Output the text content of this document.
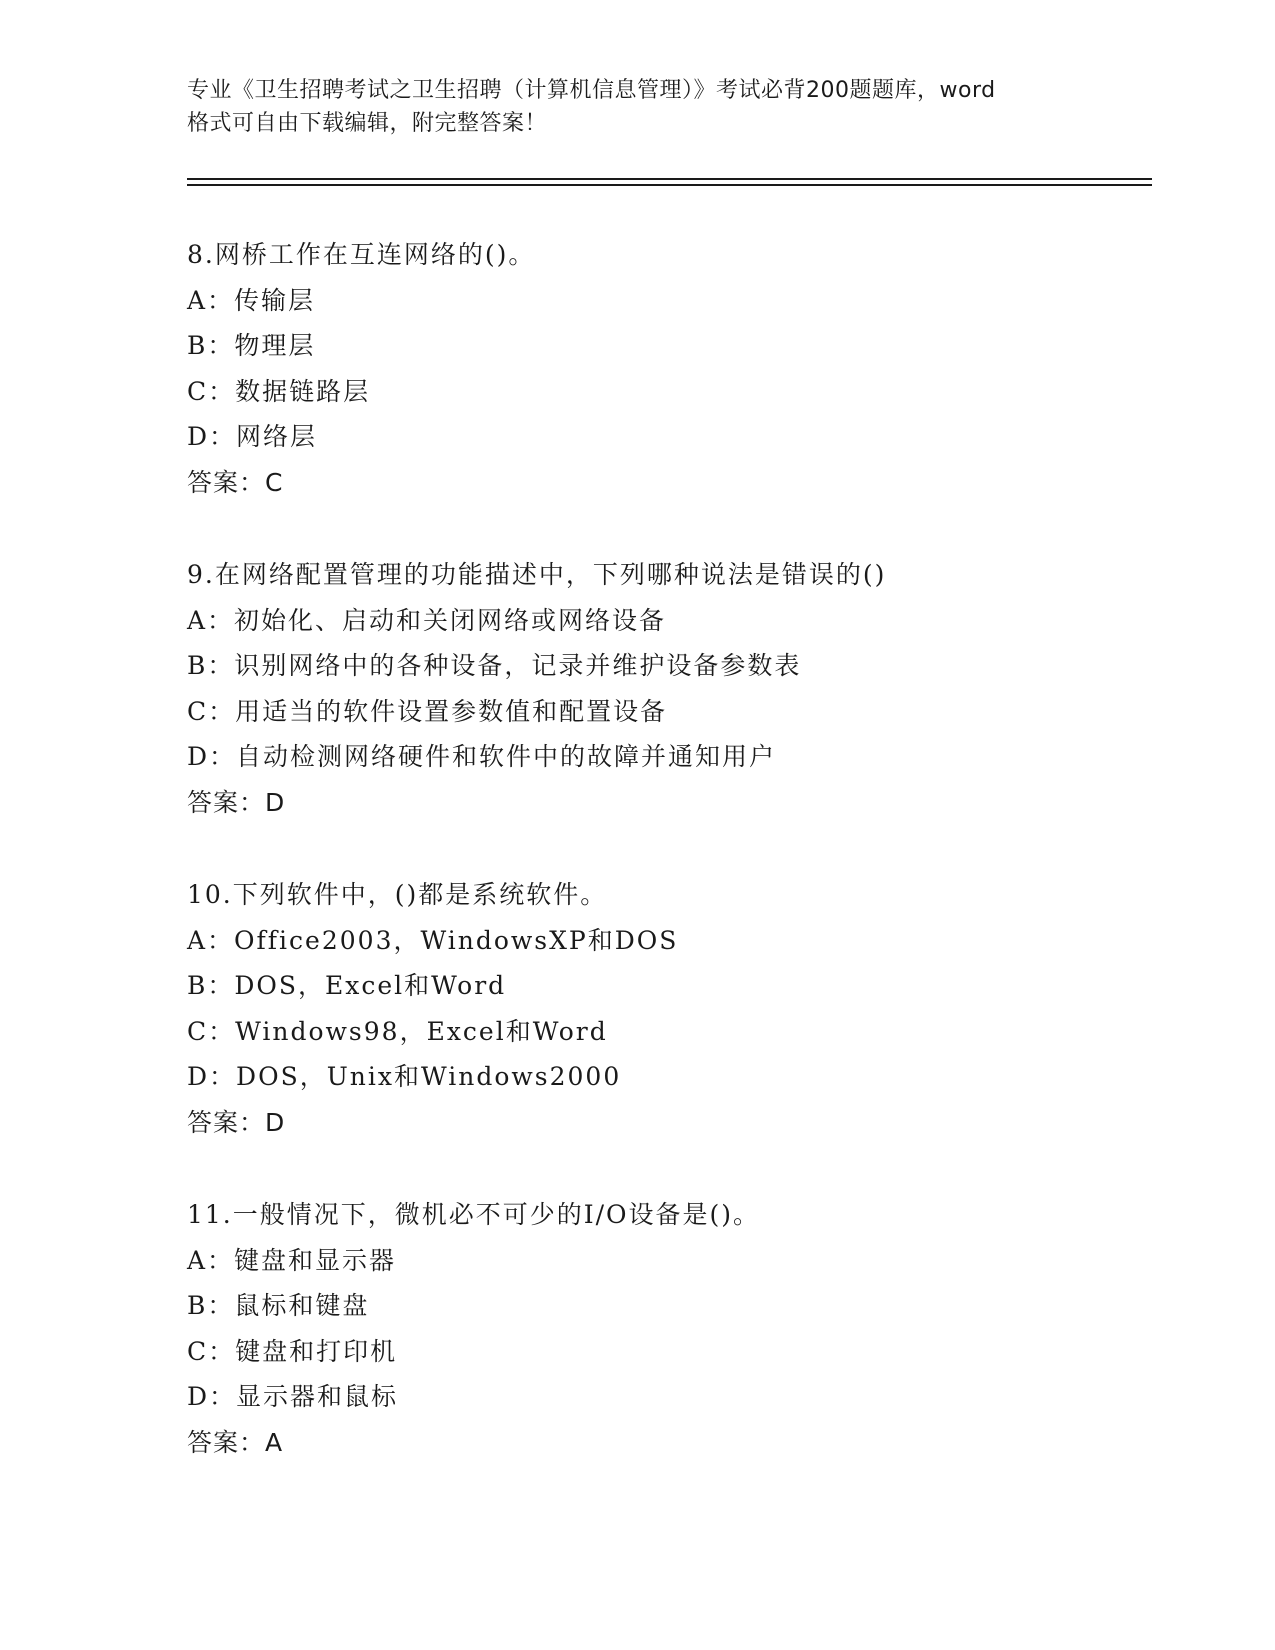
专业《卫生招聘考试之卫生招聘（计算机信息管理）》考试必背200题题库，word
格式可自由下载编辑，附完整答案！
8.网桥工作在互连网络的()。
A：传输层
B：物理层
C：数据链路层
D：网络层
答案：C
9.在网络配置管理的功能描述中，下列哪种说法是错误的()
A：初始化、启动和关闭网络或网络设备
B：识别网络中的各种设备，记录并维护设备参数表
C：用适当的软件设置参数值和配置设备
D：自动检测网络硬件和软件中的故障并通知用户
答案：D
10.下列软件中，()都是系统软件。
A：Office2003，WindowsXP和DOS
B：DOS，Excel和Word
C：Windows98，Excel和Word
D：DOS，Unix和Windows2000
答案：D
11.一般情况下，微机必不可少的I/O设备是()。
A：键盘和显示器
B：鼠标和键盘
C：键盘和打印机
D：显示器和鼠标
答案：A
